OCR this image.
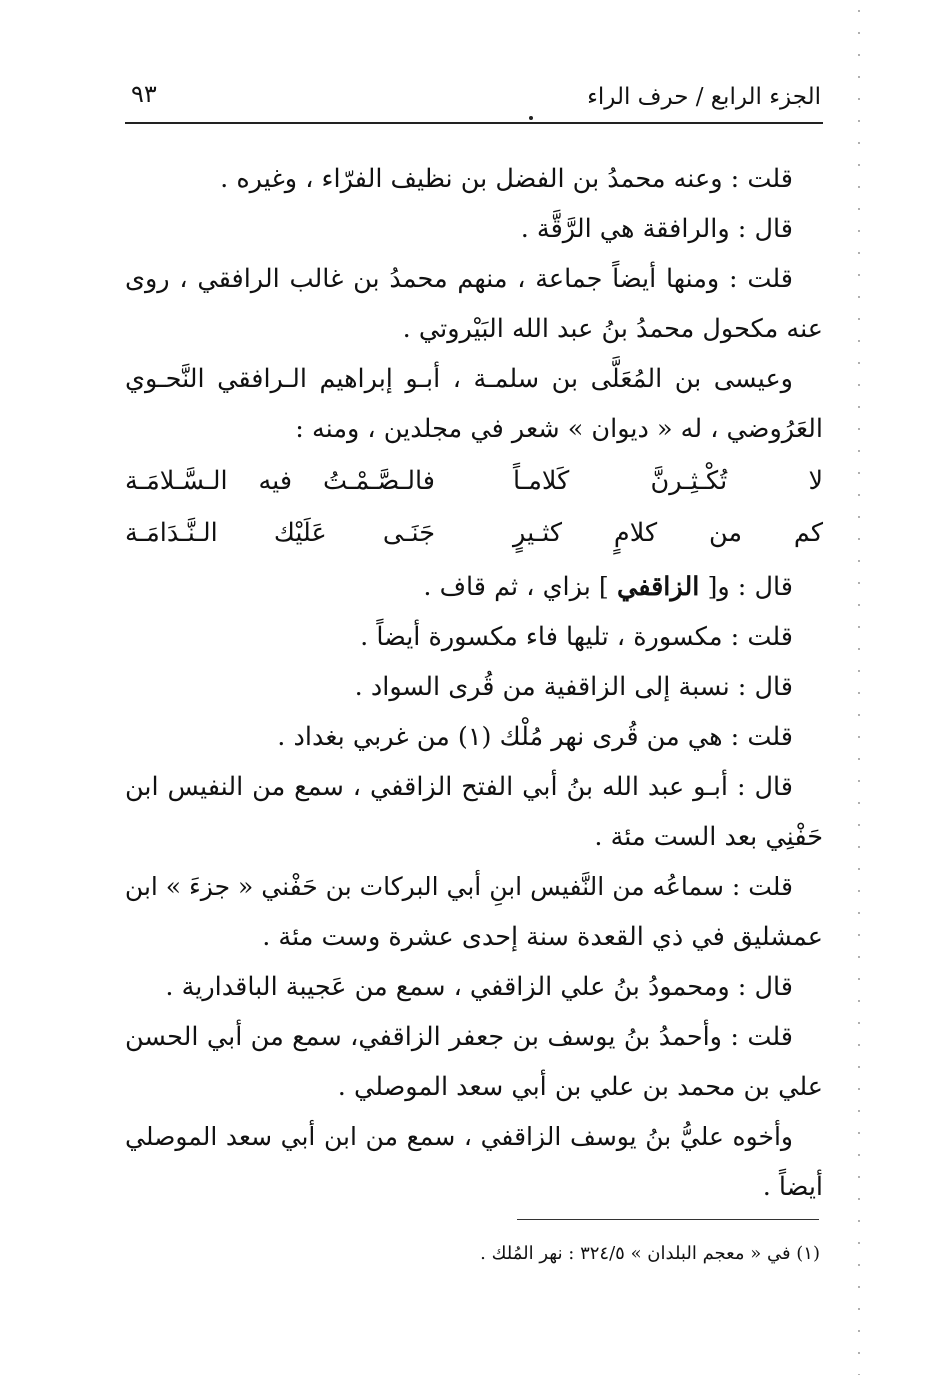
٩٣	الجزء الرابع / حرف الراء
قلت : وعنه محمدُ بن الفضل بن نظيف الفرّاء ، وغيره .
قال : والرافقة هي الرَّقَّة .
قلت : ومنها أيضاً جماعة ، منهم محمدُ بن غالب الرافقي ، روى
عنه مكحول محمدُ بنُ عبد الله البَيْروتي .
وعيسى بن المُعَلَّى بن سلمـة ، أبـو إبراهيم الـرافقي النَّحـوي
العَرُوضي ، له « ديوان » شعر في مجلدين ، ومنه :
لا تُكْـثِـرنَّ كَلامـاً
فالـصَّـمْـتُ فيه الـسَّـلامَـة
كم من كلامٍ كثـيرٍ
جَنَـى عَلَيْك الـنَّـدَامَـة
قال : و[ الزاقفي ] بزاي ، ثم قاف .
قلت : مكسورة ، تليها فاء مكسورة أيضاً .
قال : نسبة إلى الزاقفية من قُرى السواد .
قلت : هي من قُرى نهر مُلْك (١) من غربي بغداد .
قال : أبـو عبد الله بنُ أبي الفتح الزاقفي ، سمع من النفيس ابن
حَفْنِي بعد الست مئة .
قلت : سماعُه من النَّفيس ابنِ أبي البركات بن حَفْني « جزءَ » ابن
عمشليق في ذي القعدة سنة إحدى عشرة وست مئة .
قال : ومحمودُ بنُ علي الزاقفي ، سمع من عَجيبة الباقدارية .
قلت : وأحمدُ بنُ يوسف بن جعفر الزاقفي، سمع من أبي الحسن
علي بن محمد بن علي بن أبي سعد الموصلي .
وأخوه عليُّ بنُ يوسف الزاقفي ، سمع من ابن أبي سعد الموصلي
أيضاً .
(١) في « معجم البلدان » ٣٢٤/٥ : نهر المُلك .
